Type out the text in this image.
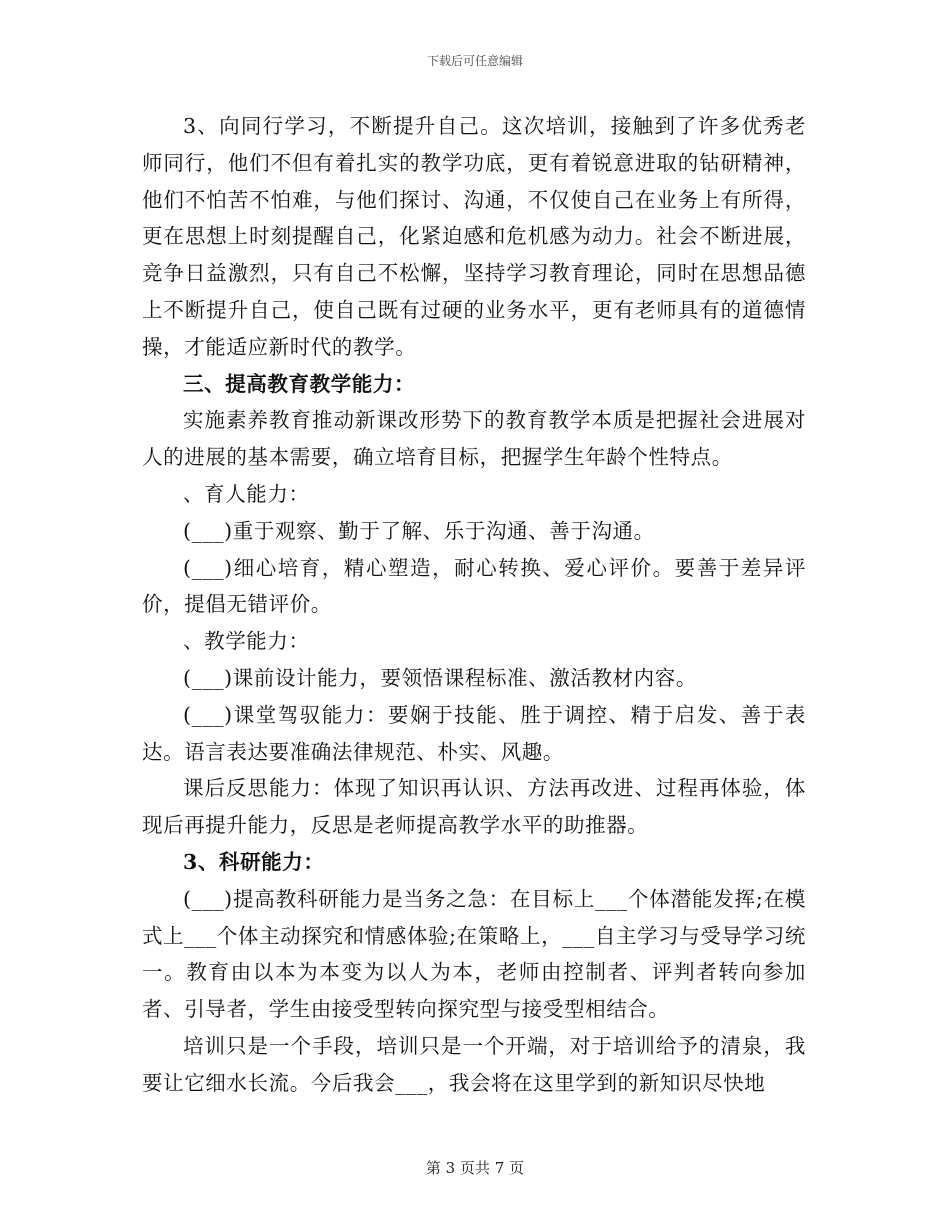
下载后可任意编辑

3、向同行学习，不断提升自己。这次培训，接触到了许多优秀老师同行，他们不但有着扎实的教学功底，更有着锐意进取的钻研精神，他们不怕苦不怕难，与他们探讨、沟通，不仅使自己在业务上有所得，更在思想上时刻提醒自己，化紧迫感和危机感为动力。社会不断进展，竞争日益激烈，只有自己不松懈，坚持学习教育理论，同时在思想品德上不断提升自己，使自己既有过硬的业务水平，更有老师具有的道德情操，才能适应新时代的教学。

三、提高教育教学能力：

实施素养教育推动新课改形势下的教育教学本质是把握社会进展对人的进展的基本需要，确立培育目标，把握学生年龄个性特点。

、育人能力：

(___)重于观察、勤于了解、乐于沟通、善于沟通。

(___)细心培育，精心塑造，耐心转换、爱心评价。要善于差异评价，提倡无错评价。

、教学能力：

(___)课前设计能力，要领悟课程标准、激活教材内容。

(___)课堂驾驭能力：要娴于技能、胜于调控、精于启发、善于表达。语言表达要准确法律规范、朴实、风趣。

课后反思能力：体现了知识再认识、方法再改进、过程再体验，体现后再提升能力，反思是老师提高教学水平的助推器。

3、科研能力：

(___)提高教科研能力是当务之急：在目标上___个体潜能发挥;在模式上___个体主动探究和情感体验;在策略上，___自主学习与受导学习统一。教育由以本为本变为以人为本，老师由控制者、评判者转向参加者、引导者，学生由接受型转向探究型与接受型相结合。

培训只是一个手段，培训只是一个开端，对于培训给予的清泉，我要让它细水长流。今后我会___，我会将在这里学到的新知识尽快地

第 3 页共 7 页
